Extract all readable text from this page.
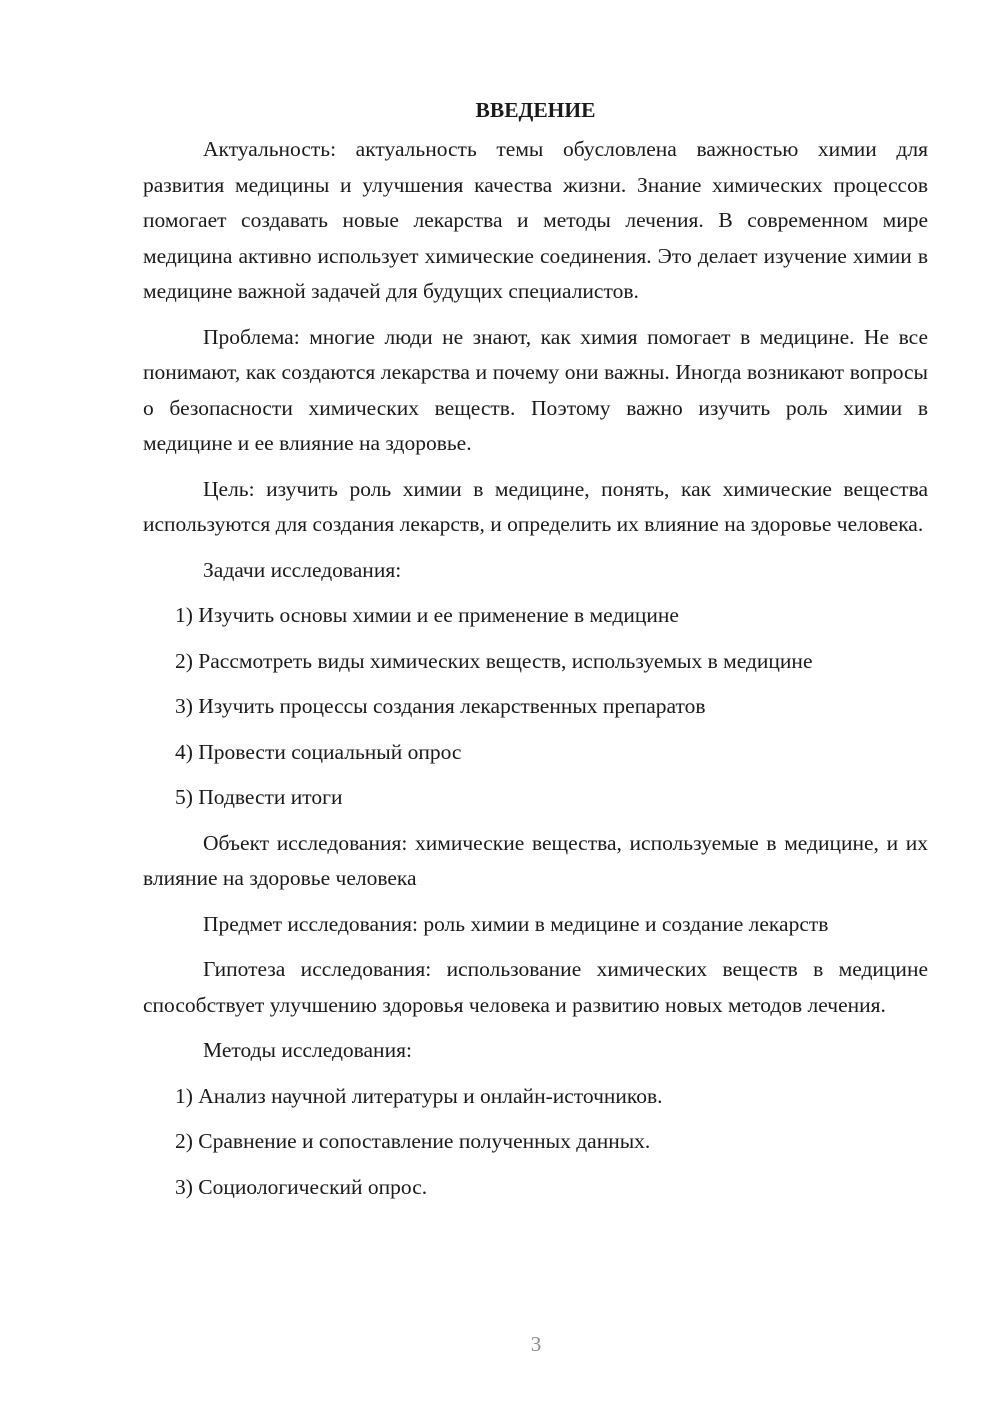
ВВЕДЕНИЕ

Актуальность: актуальность темы обусловлена важностью химии для развития медицины и улучшения качества жизни. Знание химических процессов помогает создавать новые лекарства и методы лечения. В современном мире медицина активно использует химические соединения. Это делает изучение химии в медицине важной задачей для будущих специалистов.

Проблема: многие люди не знают, как химия помогает в медицине. Не все понимают, как создаются лекарства и почему они важны. Иногда возникают вопросы о безопасности химических веществ. Поэтому важно изучить роль химии в медицине и ее влияние на здоровье.

Цель: изучить роль химии в медицине, понять, как химические вещества используются для создания лекарств, и определить их влияние на здоровье человека.

Задачи исследования:

1) Изучить основы химии и ее применение в медицине
2) Рассмотреть виды химических веществ, используемых в медицине
3) Изучить процессы создания лекарственных препаратов
4) Провести социальный опрос
5) Подвести итоги

Объект исследования: химические вещества, используемые в медицине, и их влияние на здоровье человека

Предмет исследования: роль химии в медицине и создание лекарств

Гипотеза исследования: использование химических веществ в медицине способствует улучшению здоровья человека и развитию новых методов лечения.

Методы исследования:

1) Анализ научной литературы и онлайн-источников.
2) Сравнение и сопоставление полученных данных.
3) Социологический опрос.
3
